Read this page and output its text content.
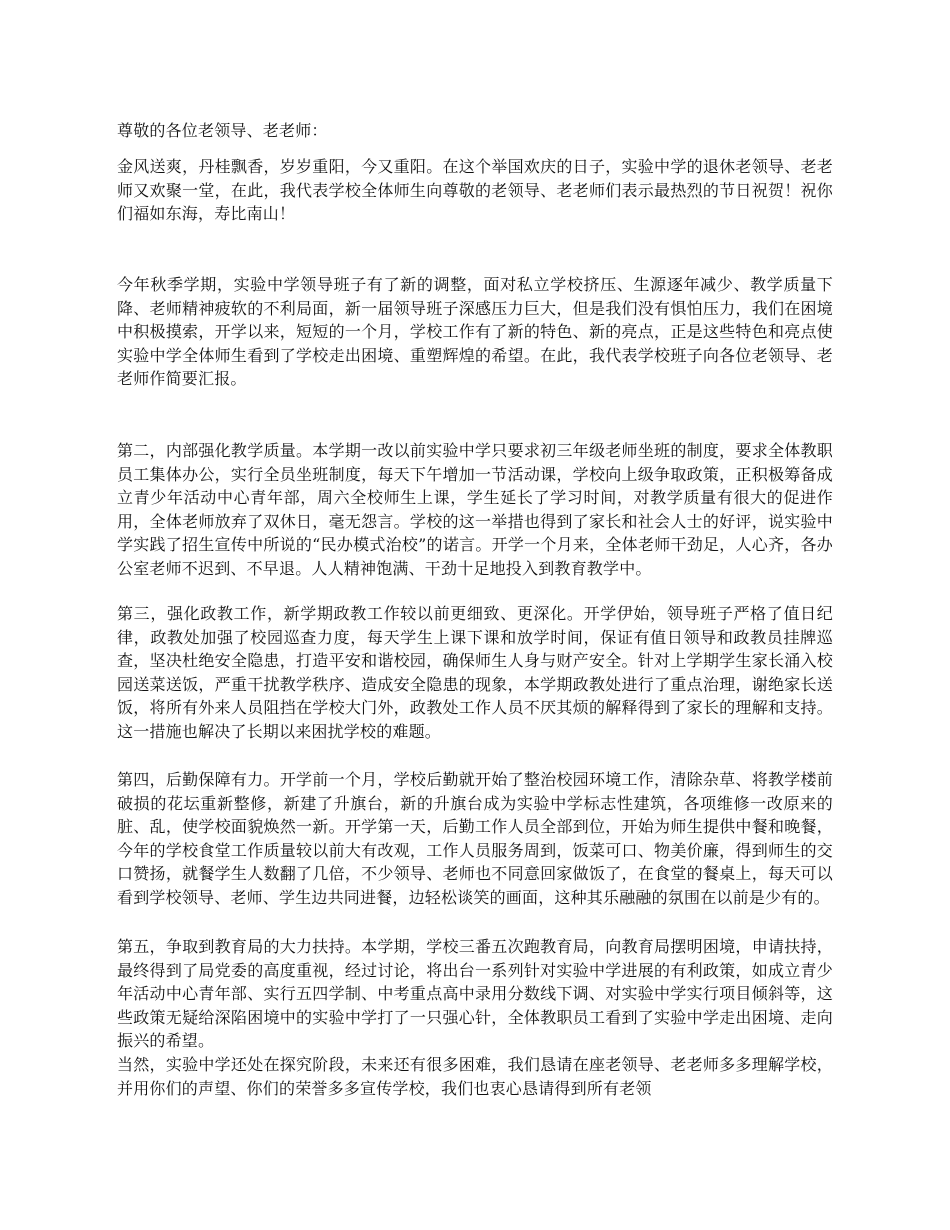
尊敬的各位老领导、老老师：

金风送爽，丹桂飘香，岁岁重阳，今又重阳。在这个举国欢庆的日子，实验中学的退休老领导、老老师又欢聚一堂，在此，我代表学校全体师生向尊敬的老领导、老老师们表示最热烈的节日祝贺！祝你们福如东海，寿比南山！

今年秋季学期，实验中学领导班子有了新的调整，面对私立学校挤压、生源逐年减少、教学质量下降、老师精神疲软的不利局面，新一届领导班子深感压力巨大，但是我们没有惧怕压力，我们在困境中积极摸索，开学以来，短短的一个月，学校工作有了新的特色、新的亮点，正是这些特色和亮点使实验中学全体师生看到了学校走出困境、重塑辉煌的希望。在此，我代表学校班子向各位老领导、老老师作简要汇报。

第二，内部强化教学质量。本学期一改以前实验中学只要求初三年级老师坐班的制度，要求全体教职员工集体办公，实行全员坐班制度，每天下午增加一节活动课，学校向上级争取政策，正积极筹备成立青少年活动中心青年部，周六全校师生上课，学生延长了学习时间，对教学质量有很大的促进作用，全体老师放弃了双休日，毫无怨言。学校的这一举措也得到了家长和社会人士的好评，说实验中学实践了招生宣传中所说的“民办模式治校”的诺言。开学一个月来，全体老师干劲足，人心齐，各办公室老师不迟到、不早退。人人精神饱满、干劲十足地投入到教育教学中。

第三，强化政教工作，新学期政教工作较以前更细致、更深化。开学伊始，领导班子严格了值日纪律，政教处加强了校园巡查力度，每天学生上课下课和放学时间，保证有值日领导和政教员挂牌巡查，坚决杜绝安全隐患，打造平安和谐校园，确保师生人身与财产安全。针对上学期学生家长涌入校园送菜送饭，严重干扰教学秩序、造成安全隐患的现象，本学期政教处进行了重点治理，谢绝家长送饭，将所有外来人员阻挡在学校大门外，政教处工作人员不厌其烦的解释得到了家长的理解和支持。这一措施也解决了长期以来困扰学校的难题。

第四，后勤保障有力。开学前一个月，学校后勤就开始了整治校园环境工作，清除杂草、将教学楼前破损的花坛重新整修，新建了升旗台，新的升旗台成为实验中学标志性建筑，各项维修一改原来的脏、乱，使学校面貌焕然一新。开学第一天，后勤工作人员全部到位，开始为师生提供中餐和晚餐，今年的学校食堂工作质量较以前大有改观，工作人员服务周到，饭菜可口、物美价廉，得到师生的交口赞扬，就餐学生人数翻了几倍，不少领导、老师也不同意回家做饭了，在食堂的餐桌上，每天可以看到学校领导、老师、学生边共同进餐，边轻松谈笑的画面，这种其乐融融的氛围在以前是少有的。

第五，争取到教育局的大力扶持。本学期，学校三番五次跑教育局，向教育局摆明困境，申请扶持，最终得到了局党委的高度重视，经过讨论，将出台一系列针对实验中学进展的有利政策，如成立青少年活动中心青年部、实行五四学制、中考重点高中录用分数线下调、对实验中学实行项目倾斜等，这些政策无疑给深陷困境中的实验中学打了一只强心针，全体教职员工看到了实验中学走出困境、走向振兴的希望。

当然，实验中学还处在探究阶段，未来还有很多困难，我们恳请在座老领导、老老师多多理解学校，并用你们的声望、你们的荣誉多多宣传学校，我们也衷心恳请得到所有老领
